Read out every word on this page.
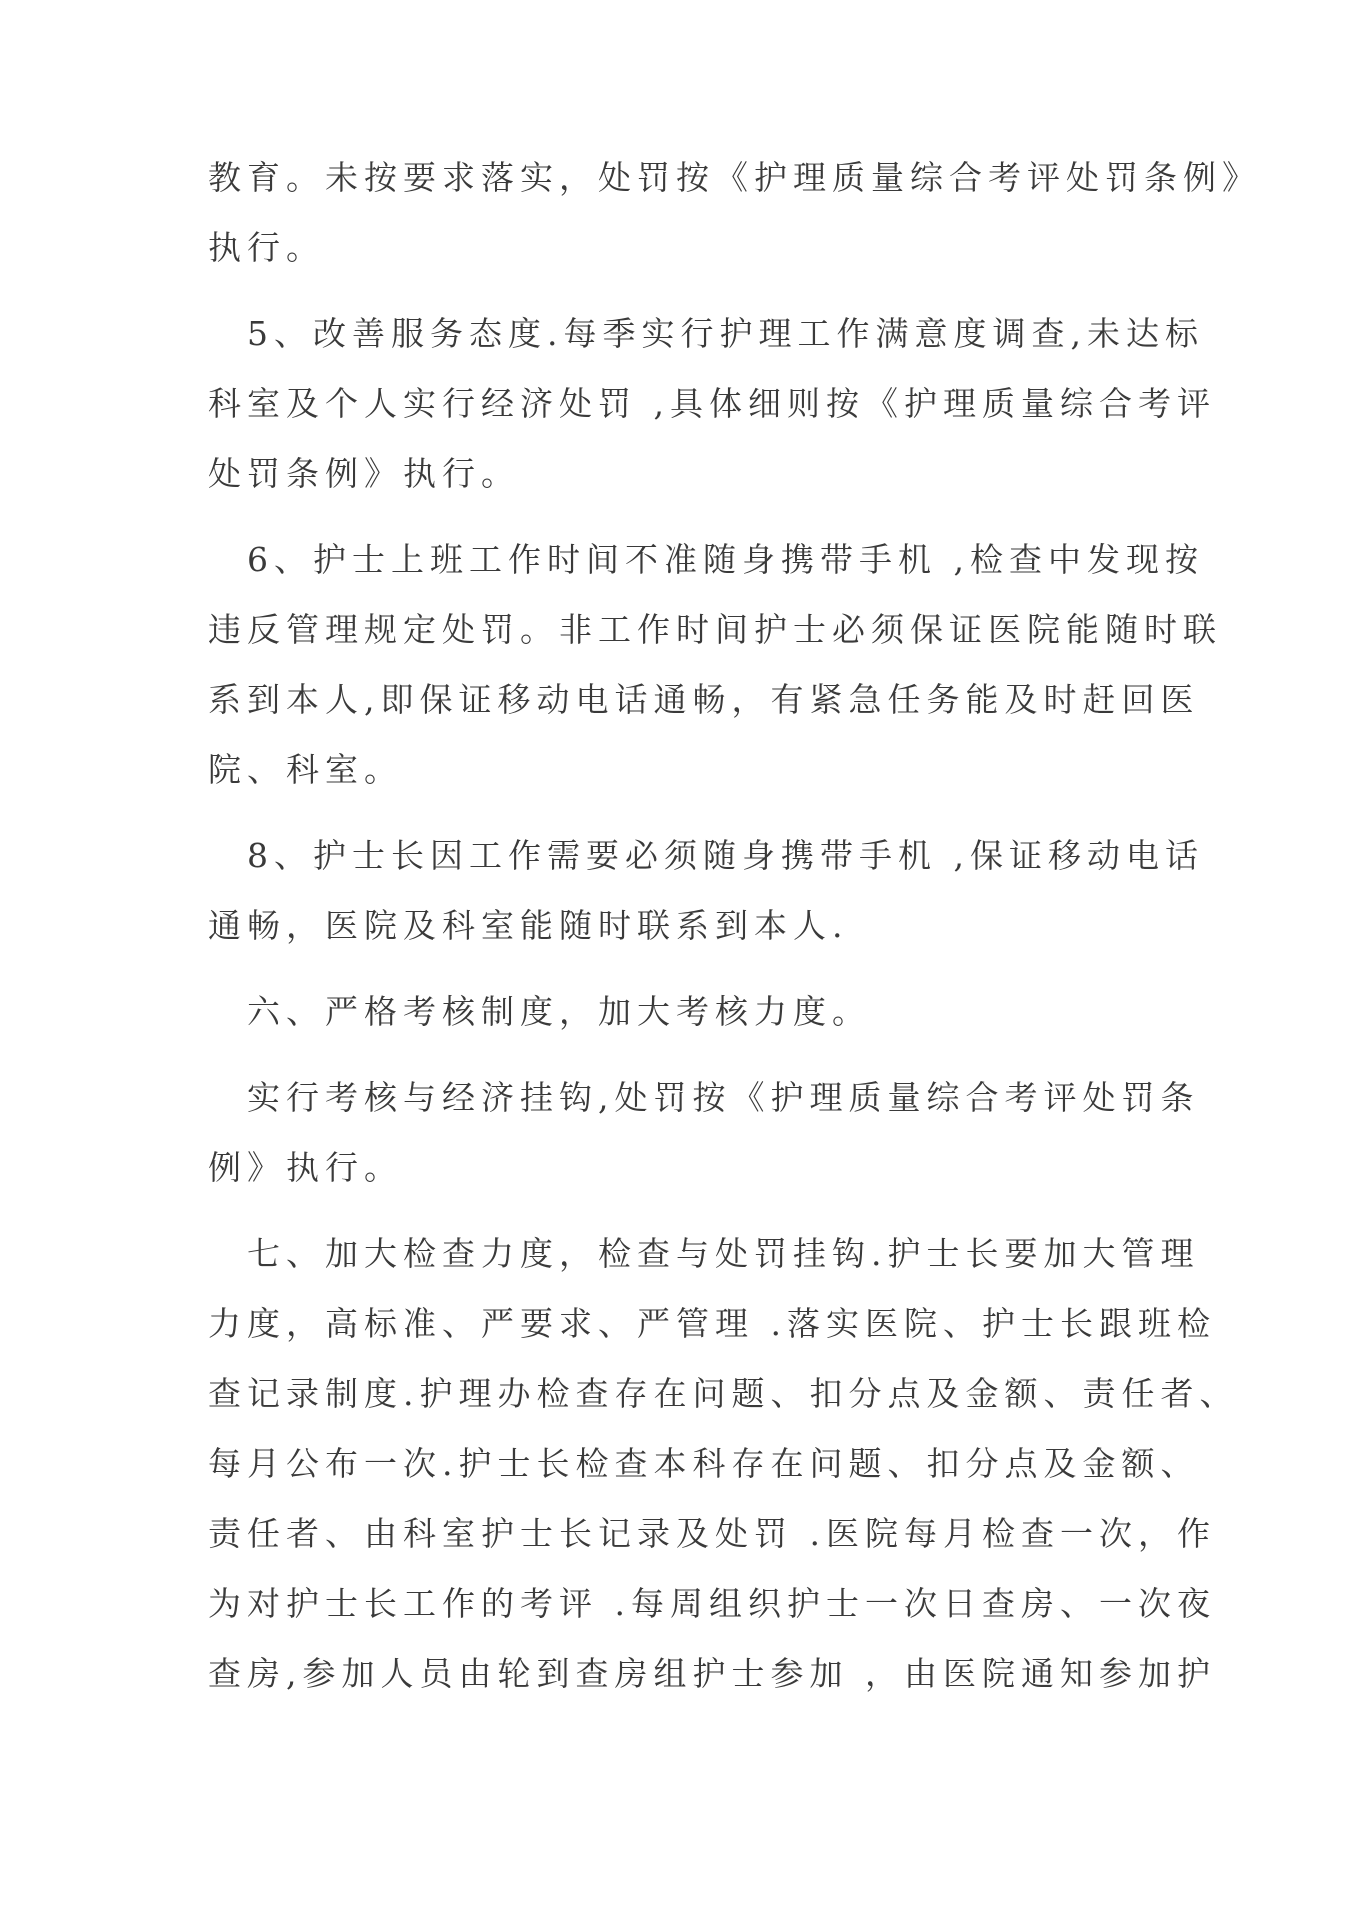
教育。未按要求落实，处罚按《护理质量综合考评处罚条例》
执行。
　5、改善服务态度.每季实行护理工作满意度调查,未达标
科室及个人实行经济处罚 ,具体细则按《护理质量综合考评
处罚条例》执行。
　6、护士上班工作时间不准随身携带手机 ,检查中发现按
违反管理规定处罚。非工作时间护士必须保证医院能随时联
系到本人,即保证移动电话通畅，有紧急任务能及时赶回医
院、科室。
　8、护士长因工作需要必须随身携带手机 ,保证移动电话
通畅，医院及科室能随时联系到本人.
　六、严格考核制度，加大考核力度。
　实行考核与经济挂钩,处罚按《护理质量综合考评处罚条
例》执行。
　七、加大检查力度，检查与处罚挂钩.护士长要加大管理
力度，高标准、严要求、严管理 .落实医院、护士长跟班检
查记录制度.护理办检查存在问题、扣分点及金额、责任者、
每月公布一次.护士长检查本科存在问题、扣分点及金额、
责任者、由科室护士长记录及处罚 .医院每月检查一次，作
为对护士长工作的考评 .每周组织护士一次日查房、一次夜
查房,参加人员由轮到查房组护士参加 ，由医院通知参加护
